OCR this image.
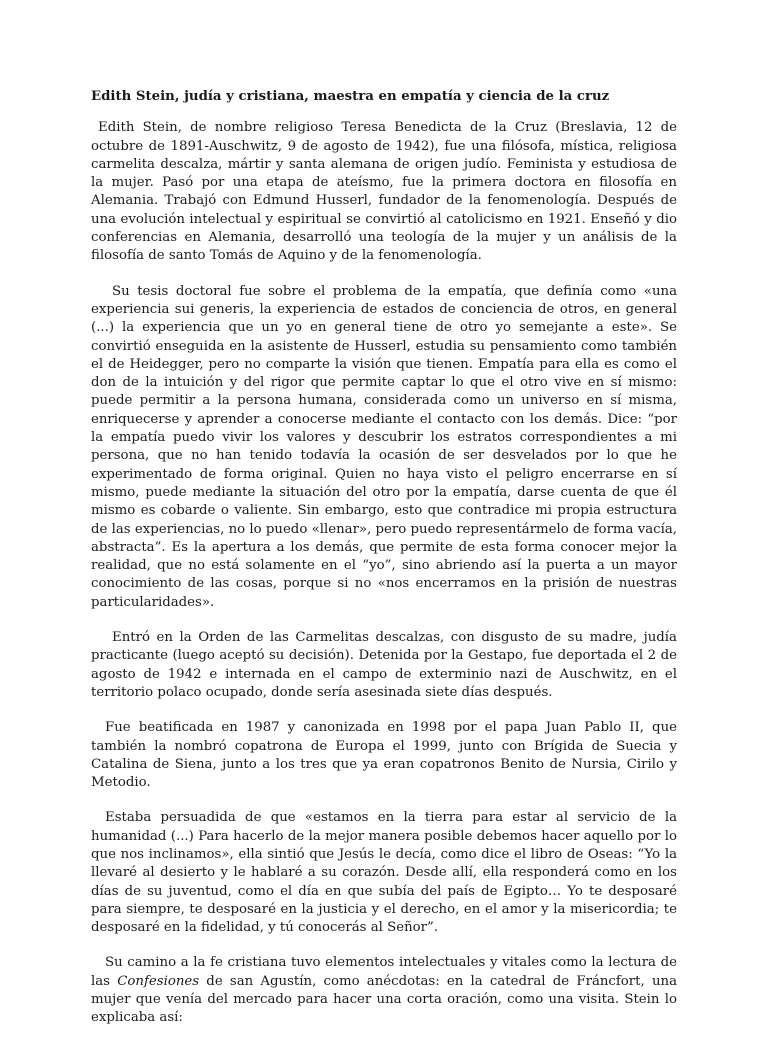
Edith Stein, judía y cristiana, maestra en empatía y ciencia de la cruz

Edith Stein, de nombre religioso Teresa Benedicta de la Cruz (Breslavia, 12 de octubre de 1891-Auschwitz, 9 de agosto de 1942), fue una filósofa, mística, religiosa carmelita descalza, mártir y santa alemana de origen judío. Feminista y estudiosa de la mujer. Pasó por una etapa de ateísmo, fue la primera doctora en filosofía en Alemania. Trabajó con Edmund Husserl, fundador de la fenomenología. Después de una evolución intelectual y espiritual se convirtió al catolicismo en 1921. Enseñó y dio conferencias en Alemania, desarrolló una teología de la mujer y un análisis de la filosofía de santo Tomás de Aquino y de la fenomenología.

Su tesis doctoral fue sobre el problema de la empatía, que definía como «una experiencia sui generis, la experiencia de estados de conciencia de otros, en general (...) la experiencia que un yo en general tiene de otro yo semejante a este». Se convirtió enseguida en la asistente de Husserl, estudia su pensamiento como también el de Heidegger, pero no comparte la visión que tienen. Empatía para ella es como el don de la intuición y del rigor que permite captar lo que el otro vive en sí mismo: puede permitir a la persona humana, considerada como un universo en sí misma, enriquecerse y aprender a conocerse mediante el contacto con los demás. Dice: “por la empatía puedo vivir los valores y descubrir los estratos correspondientes a mi persona, que no han tenido todavía la ocasión de ser desvelados por lo que he experimentado de forma original. Quien no haya visto el peligro encerrarse en sí mismo, puede mediante la situación del otro por la empatía, darse cuenta de que él mismo es cobarde o valiente. Sin embargo, esto que contradice mi propia estructura de las experiencias, no lo puedo «llenar», pero puedo representármelo de forma vacía, abstracta”. Es la apertura a los demás, que permite de esta forma conocer mejor la realidad, que no está solamente en el “yo”, sino abriendo así la puerta a un mayor conocimiento de las cosas, porque si no «nos encerramos en la prisión de nuestras particularidades».

Entró en la Orden de las Carmelitas descalzas, con disgusto de su madre, judía practicante (luego aceptó su decisión). Detenida por la Gestapo, fue deportada el 2 de agosto de 1942 e internada en el campo de exterminio nazi de Auschwitz, en el territorio polaco ocupado, donde sería asesinada siete días después.

Fue beatificada en 1987 y canonizada en 1998 por el papa Juan Pablo II, que también la nombró copatrona de Europa el 1999, junto con Brígida de Suecia y Catalina de Siena, junto a los tres que ya eran copatronos Benito de Nursia, Cirilo y Metodio.

Estaba persuadida de que «estamos en la tierra para estar al servicio de la humanidad (...) Para hacerlo de la mejor manera posible debemos hacer aquello por lo que nos inclinamos», ella sintió que Jesús le decía, como dice el libro de Oseas: “Yo la llevaré al desierto y le hablaré a su corazón. Desde allí, ella responderá como en los días de su juventud, como el día en que subía del país de Egipto… Yo te desposaré para siempre, te desposaré en la justicia y el derecho, en el amor y la misericordia; te desposaré en la fidelidad, y tú conocerás al Señor”.

Su camino a la fe cristiana tuvo elementos intelectuales y vitales como la lectura de las Confesiones de san Agustín, como anécdotas: en la catedral de Fráncfort, una mujer que venía del mercado para hacer una corta oración, como una visita. Stein lo explicaba así:
